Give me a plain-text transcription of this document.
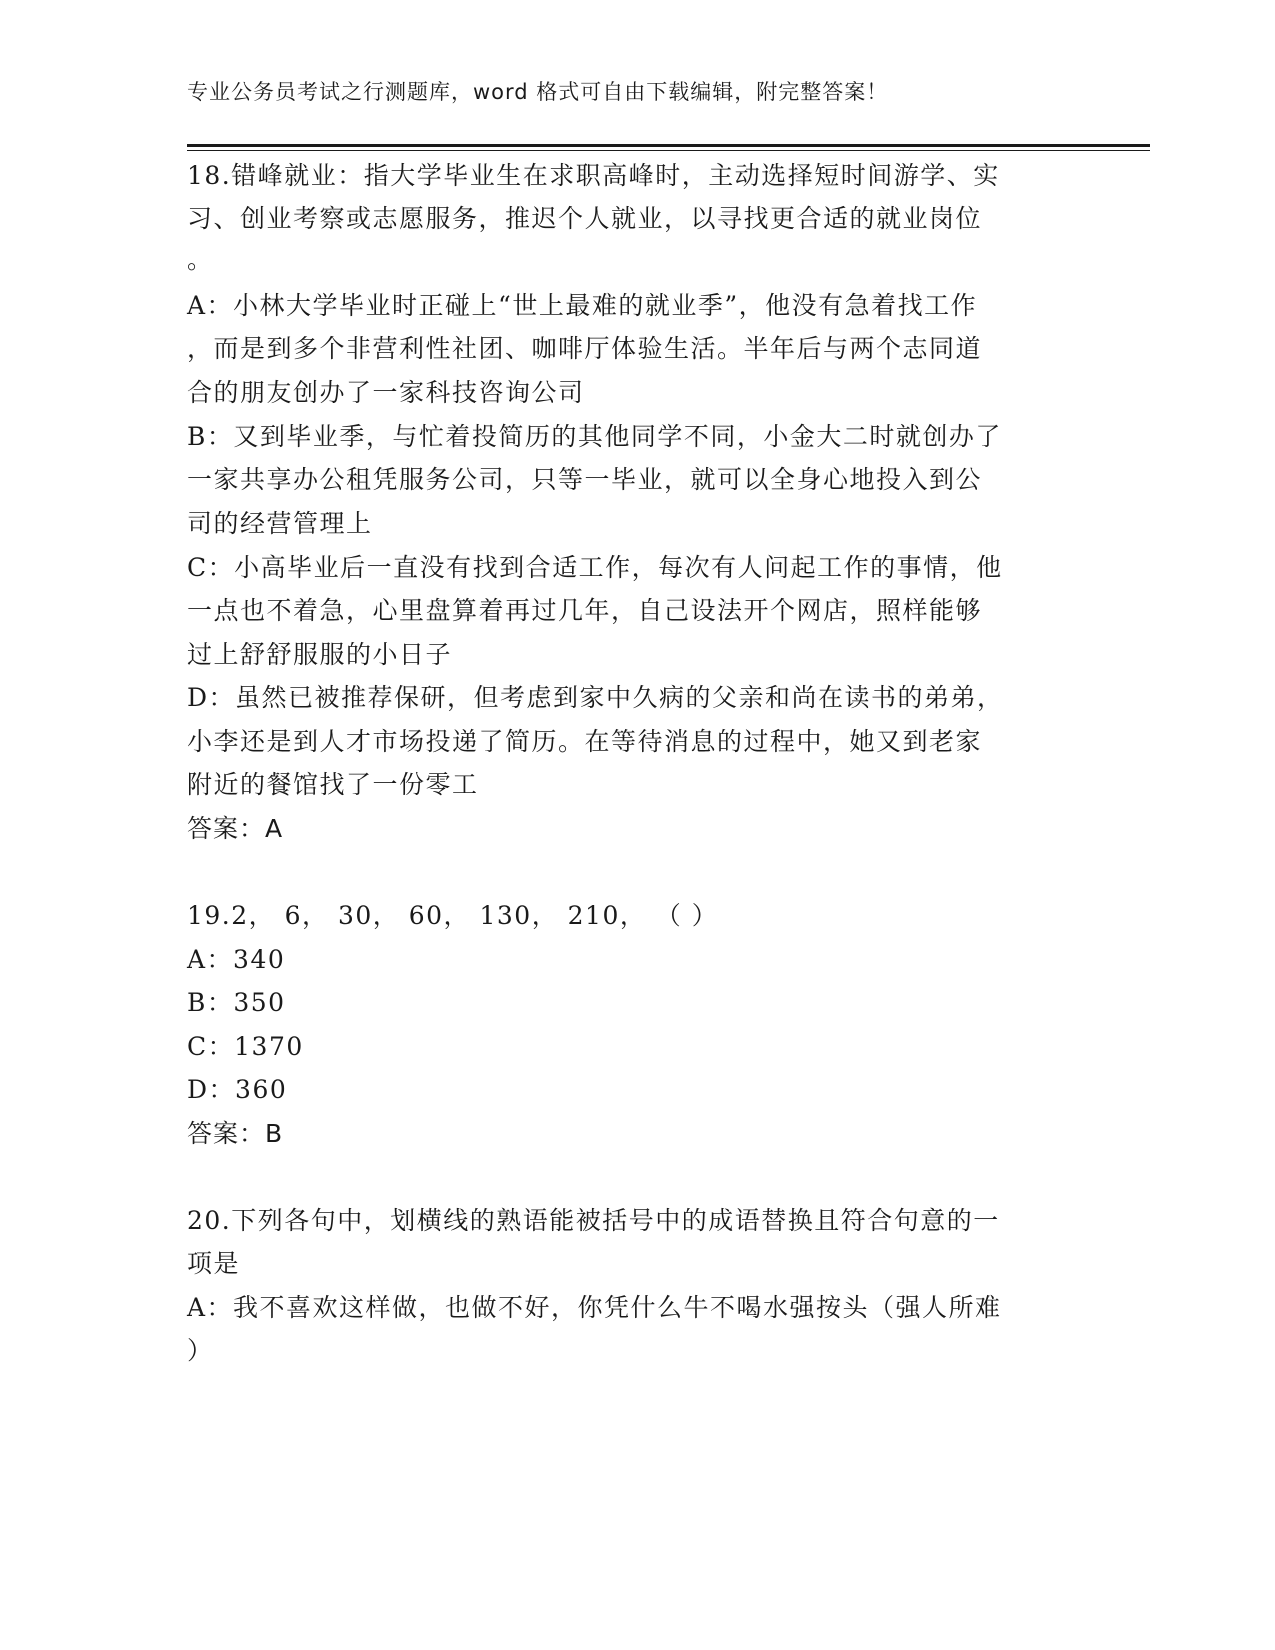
专业公务员考试之行测题库，word 格式可自由下载编辑，附完整答案！
18.错峰就业：指大学毕业生在求职高峰时，主动选择短时间游学、实
习、创业考察或志愿服务，推迟个人就业，以寻找更合适的就业岗位
。
A：小林大学毕业时正碰上“世上最难的就业季”，他没有急着找工作
，而是到多个非营利性社团、咖啡厅体验生活。半年后与两个志同道
合的朋友创办了一家科技咨询公司
B：又到毕业季，与忙着投简历的其他同学不同，小金大二时就创办了
一家共享办公租凭服务公司，只等一毕业，就可以全身心地投入到公
司的经营管理上
C：小高毕业后一直没有找到合适工作，每次有人问起工作的事情，他
一点也不着急，心里盘算着再过几年，自己设法开个网店，照样能够
过上舒舒服服的小日子
D：虽然已被推荐保研，但考虑到家中久病的父亲和尚在读书的弟弟，
小李还是到人才市场投递了简历。在等待消息的过程中，她又到老家
附近的餐馆找了一份零工
答案：A
19.2， 6， 30， 60， 130， 210， （ ）
A：340
B：350
C：1370
D：360
答案：B
20.下列各句中，划横线的熟语能被括号中的成语替换且符合句意的一
项是
A：我不喜欢这样做，也做不好，你凭什么牛不喝水强按头（强人所难
）
